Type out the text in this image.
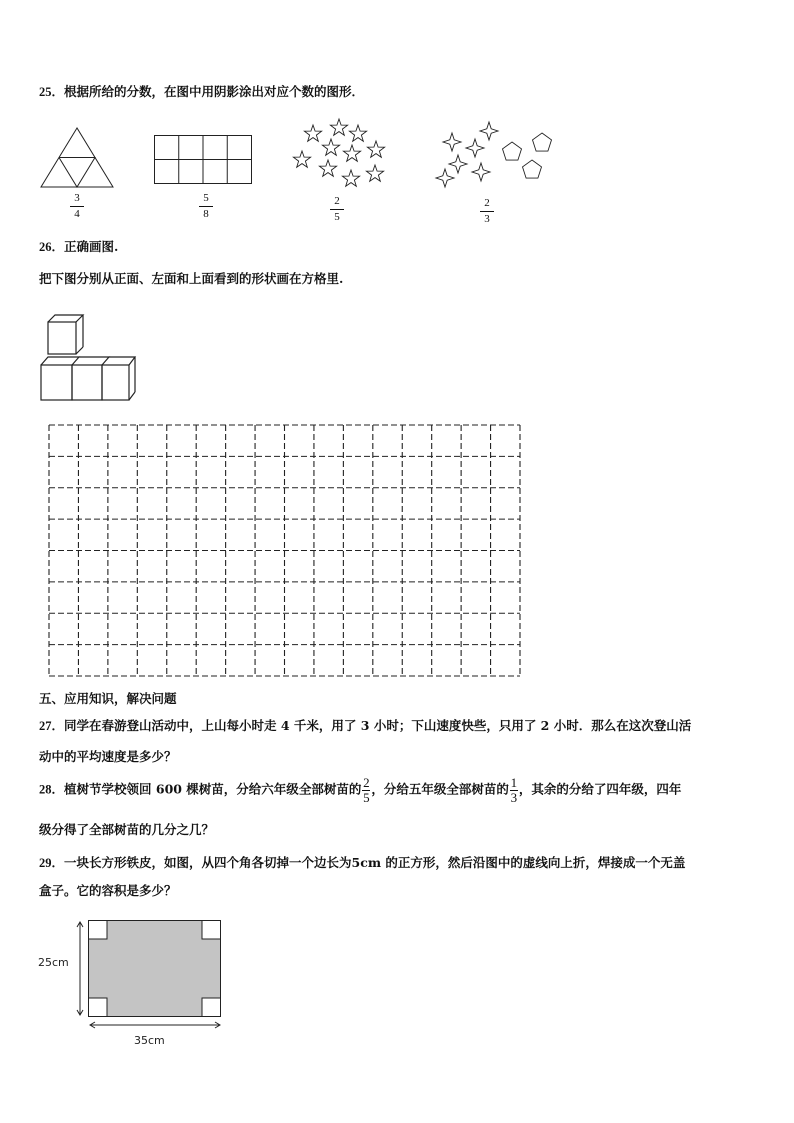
25．根据所给的分数，在图中用阴影涂出对应个数的图形．
3
4
5
8
2
5
2
3
26．正确画图.
把下图分别从正面、左面和上面看到的形状画在方格里.
五、应用知识，解决问题
27．同学在春游登山活动中，上山每小时走 4 千米，用了 3 小时；下山速度快些，只用了 2 小时．那么在这次登山活
动中的平均速度是多少？
28．植树节学校领回 600 棵树苗，分给六年级全部树苗的 $\frac{2}{5}$ ，分给五年级全部树苗的 $\frac{1}{3}$ ，其余的分给了四年级，四年
级分得了全部树苗的几分之几？
29．一块长方形铁皮，如图，从四个角各切掉一个边长为5cm 的正方形，然后沿图中的虚线向上折，焊接成一个无盖
盒子。它的容积是多少？
25cm
35cm
